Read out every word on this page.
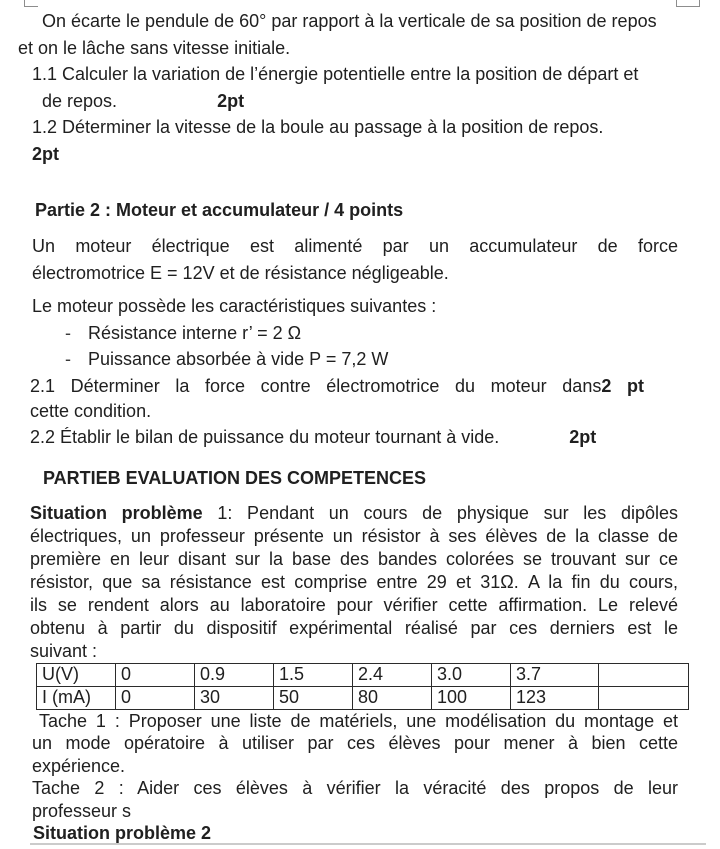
On écarte le pendule de 60° par rapport à la verticale de sa position de repos
et on le lâche sans vitesse initiale.
1.1 Calculer la variation de l’énergie potentielle entre la position de départ et
de repos.	2pt
1.2 Déterminer la vitesse de la boule au passage à la position de repos.
2pt
Partie 2 : Moteur et accumulateur / 4 points
Un moteur électrique est alimenté par un accumulateur de force
électromotrice E = 12V et de résistance négligeable.
Le moteur possède les caractéristiques suivantes :
- Résistance interne r’ = 2 Ω
- Puissance absorbée à vide P = 7,2 W
2.1 Déterminer la force contre électromotrice du moteur dans2 pt
cette condition.
2.2 Établir le bilan de puissance du moteur tournant à vide.	2pt
PARTIEB EVALUATION DES COMPETENCES
Situation problème 1: Pendant un cours de physique sur les dipôles
électriques, un professeur présente un résistor à ses élèves de la classe de
première en leur disant sur la base des bandes colorées se trouvant sur ce
résistor, que sa résistance est comprise entre 29 et 31Ω. A la fin du cours,
ils se rendent alors au laboratoire pour vérifier cette affirmation. Le relevé
obtenu à partir du dispositif expérimental réalisé par ces derniers est le
suivant :
U(V)	0	0.9	1.5	2.4	3.0	3.7	
I (mA)	0	30	50	80	100	123	
Tache 1 : Proposer une liste de matériels, une modélisation du montage et
un mode opératoire à utiliser par ces élèves pour mener à bien cette
expérience.
Tache 2 : Aider ces élèves à vérifier la véracité des propos de leur
professeur s
Situation problème 2
